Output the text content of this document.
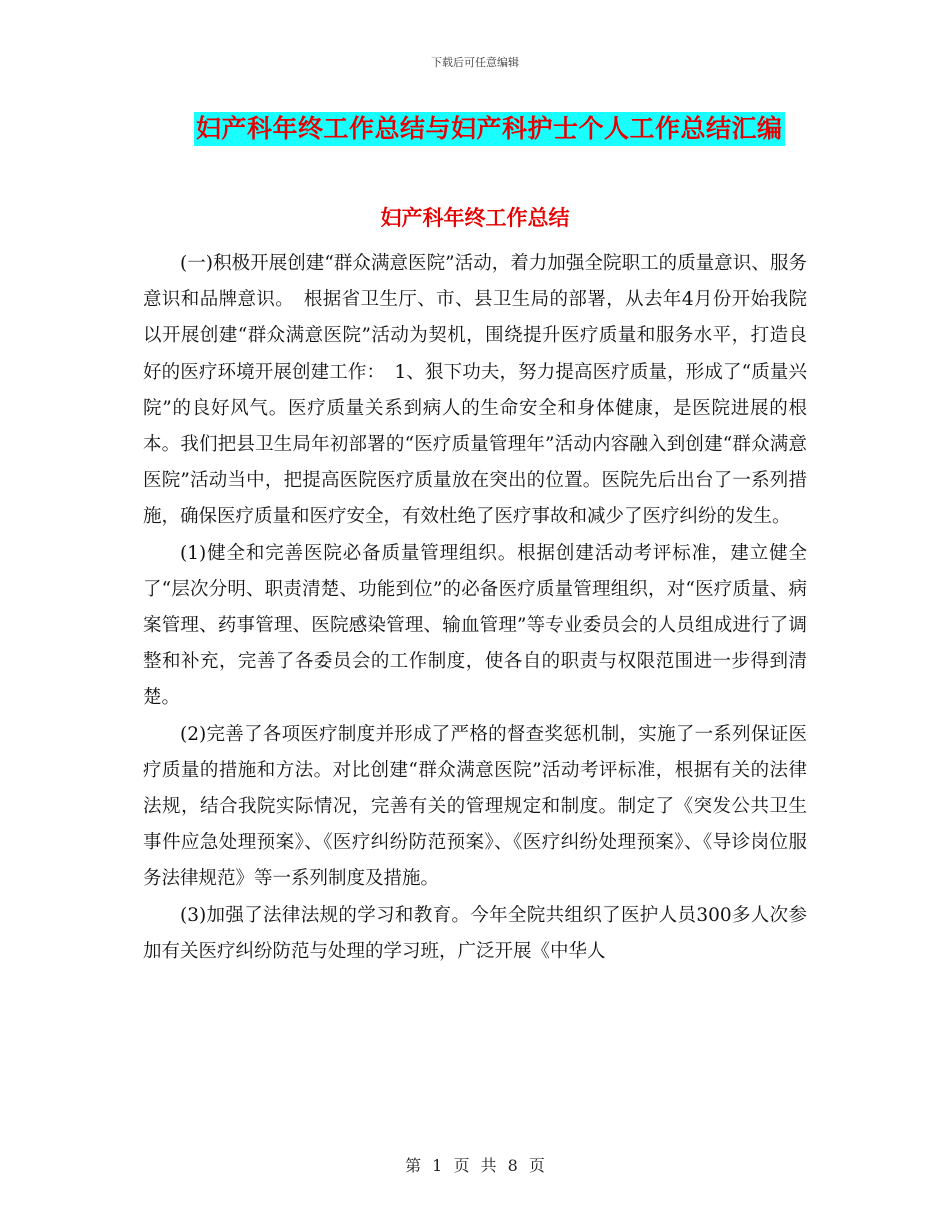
下载后可任意编辑
妇产科年终工作总结与妇产科护士个人工作总结汇编
妇产科年终工作总结

(一)积极开展创建“群众满意医院”活动，着力加强全院职工的质量意识、服务意识和品牌意识。　根据省卫生厅、市、县卫生局的部署，从去年4月份开始我院以开展创建“群众满意医院”活动为契机，围绕提升医疗质量和服务水平，打造良好的医疗环境开展创建工作：　1、狠下功夫，努力提高医疗质量，形成了“质量兴院”的良好风气。医疗质量关系到病人的生命安全和身体健康，是医院进展的根本。我们把县卫生局年初部署的“医疗质量管理年”活动内容融入到创建“群众满意医院”活动当中，把提高医院医疗质量放在突出的位置。医院先后出台了一系列措施，确保医疗质量和医疗安全，有效杜绝了医疗事故和减少了医疗纠纷的发生。

(1)健全和完善医院必备质量管理组织。根据创建活动考评标准，建立健全了“层次分明、职责清楚、功能到位”的必备医疗质量管理组织，对“医疗质量、病案管理、药事管理、医院感染管理、输血管理”等专业委员会的人员组成进行了调整和补充，完善了各委员会的工作制度，使各自的职责与权限范围进一步得到清楚。

(2)完善了各项医疗制度并形成了严格的督查奖惩机制，实施了一系列保证医疗质量的措施和方法。对比创建“群众满意医院”活动考评标准，根据有关的法律法规，结合我院实际情况，完善有关的管理规定和制度。制定了《突发公共卫生事件应急处理预案》、《医疗纠纷防范预案》、《医疗纠纷处理预案》、《导诊岗位服务法律规范》等一系列制度及措施。

(3)加强了法律法规的学习和教育。今年全院共组织了医护人员300多人次参加有关医疗纠纷防范与处理的学习班，广泛开展《中华人

第 1 页 共 8 页
